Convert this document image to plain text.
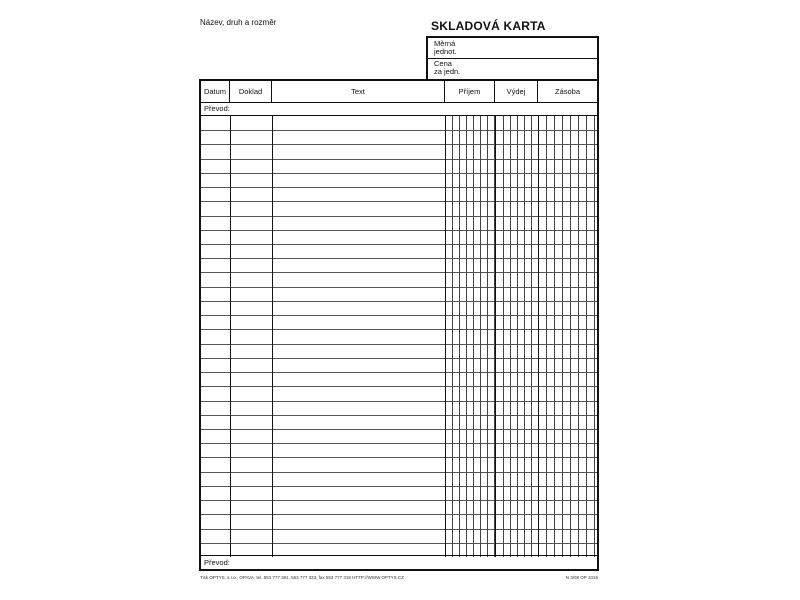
Název, druh a rozměr	SKLADOVÁ KARTA
Měrná
jednot.
Cena
za jedn.
Datum	Doklad	Text	Příjem	Výdej	Zásoba
Převod:
Převod:
Tisk OPTYS, s.r.o., OPAVA, tel. 553 777 391, 553 777 333, fax 553 777 318 HTTP://WWW.OPTYS.CZ	N 3/08 OP 1016
